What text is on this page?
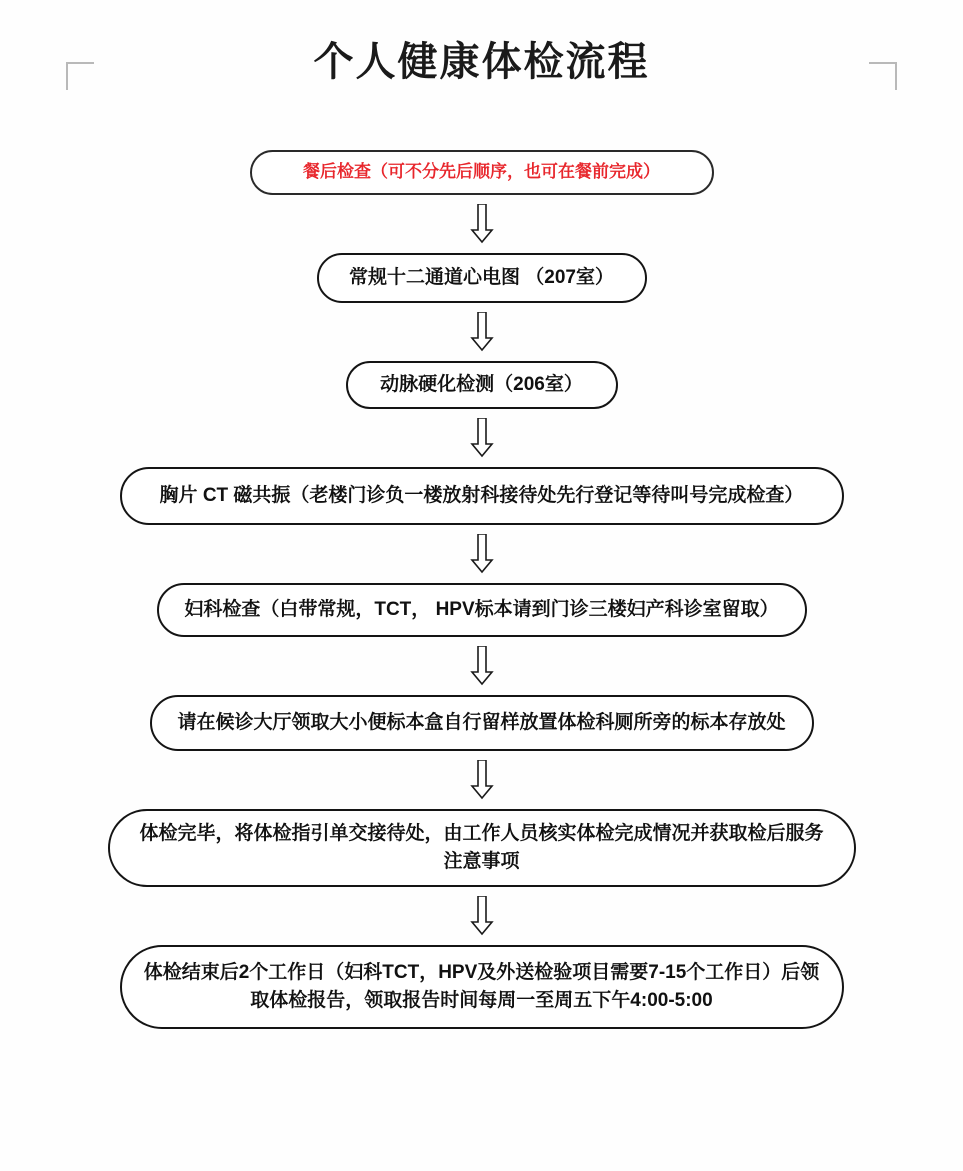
个人健康体检流程
餐后检查（可不分先后顺序，也可在餐前完成）
常规十二通道心电图 （207室）
动脉硬化检测（206室）
胸片 CT 磁共振（老楼门诊负一楼放射科接待处先行登记等待叫号完成检查）
妇科检查（白带常规，TCT， HPV标本请到门诊三楼妇产科诊室留取）
请在候诊大厅领取大小便标本盒自行留样放置体检科厕所旁的标本存放处
体检完毕，将体检指引单交接待处，由工作人员核实体检完成情况并获取检后服务注意事项
体检结束后2个工作日（妇科TCT，HPV及外送检验项目需要7-15个工作日）后领取体检报告，领取报告时间每周一至周五下午4:00-5:00
